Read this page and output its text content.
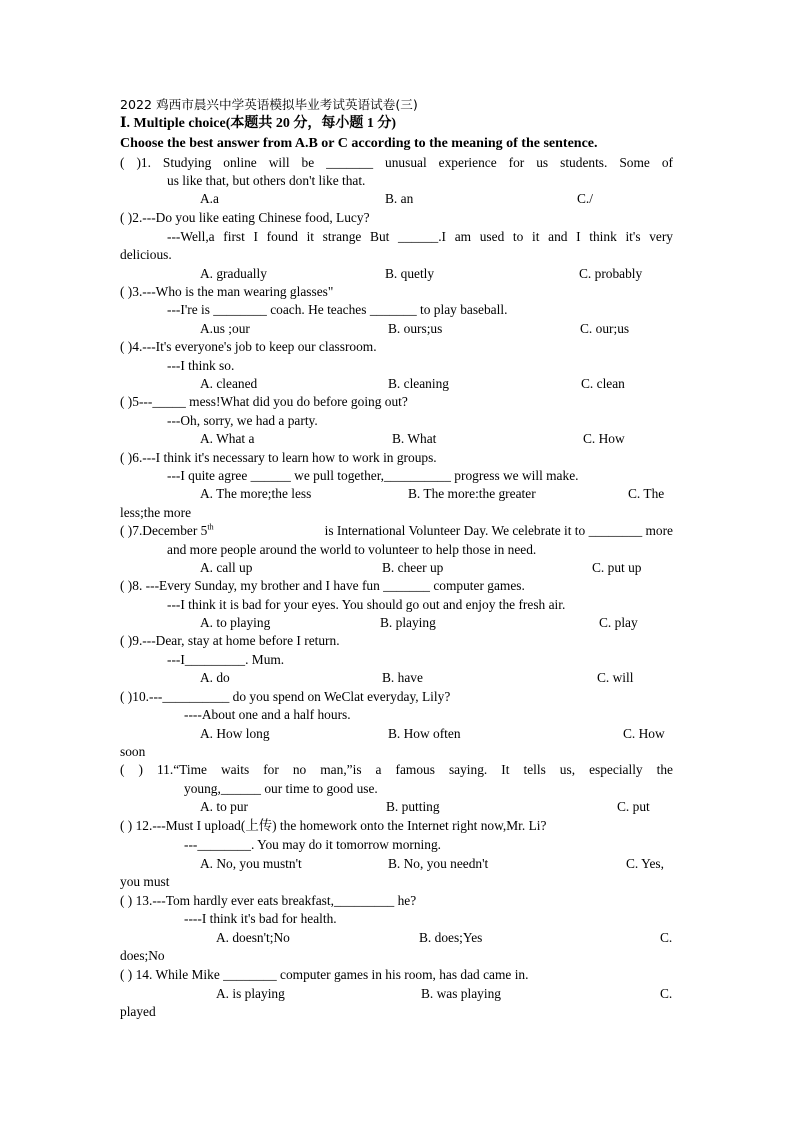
2022 鸡西市晨兴中学英语模拟毕业考试英语试卷(三)
Ⅰ. Multiple choice(本题共 20 分，每小题 1 分)
Choose the best answer from A.B or C according to the meaning of the sentence.
( )1. Studying online will be _______ unusual experience for us students. Some of
us like that, but others don't like that.
A.a	B. an	C./
( )2.---Do you like eating Chinese food, Lucy?
---Well,a first I found it strange But ______.I am used to it and I think it's very
delicious.
A. gradually	B. quetly	C. probably
( )3.---Who is the man wearing glasses"
---I're is ________ coach. He teaches _______ to play baseball.
A.us ;our	B. ours;us	C. our;us
( )4.---It's everyone's job to keep our classroom.
---I think so.
A. cleaned	B. cleaning	C. clean
( )5---_____ mess!What did you do before going out?
---Oh, sorry, we had a party.
A. What a	B. What	C. How
( )6.---I think it's necessary to learn how to work in groups.
---I quite agree ______ we pull together,__________ progress we will make.
A. The more;the less	B. The more:the greater	C. The
less;the more
( )7.December 5th	is International Volunteer Day. We celebrate it to ________ more
and more people around the world to volunteer to help those in need.
A. call up	B. cheer up	C. put up
( )8. ---Every Sunday, my brother and I have fun _______ computer games.
---I think it is bad for your eyes. You should go out and enjoy the fresh air.
A. to playing	B. playing	C. play
( )9.---Dear, stay at home before I return.
---I_________. Mum.
A. do	B. have	C. will
( )10.---__________ do you spend on WeClat everyday, Lily?
----About one and a half hours.
A. How long	B. How often	C. How
soon
( ) 11.“Time waits for no man,”is a famous saying. It tells us, especially the
young,______ our time to good use.
A. to pur	B. putting	C. put
( ) 12.---Must I upload(上传) the homework onto the Internet right now,Mr. Li?
---________. You may do it tomorrow morning.
A. No, you mustn't	B. No, you needn't	C. Yes,
you must
( ) 13.---Tom hardly ever eats breakfast,_________ he?
----I think it's bad for health.
A. doesn't;No	B. does;Yes	C.
does;No
( ) 14. While Mike ________ computer games in his room, has dad came in.
A. is playing	B. was playing	C.
played
